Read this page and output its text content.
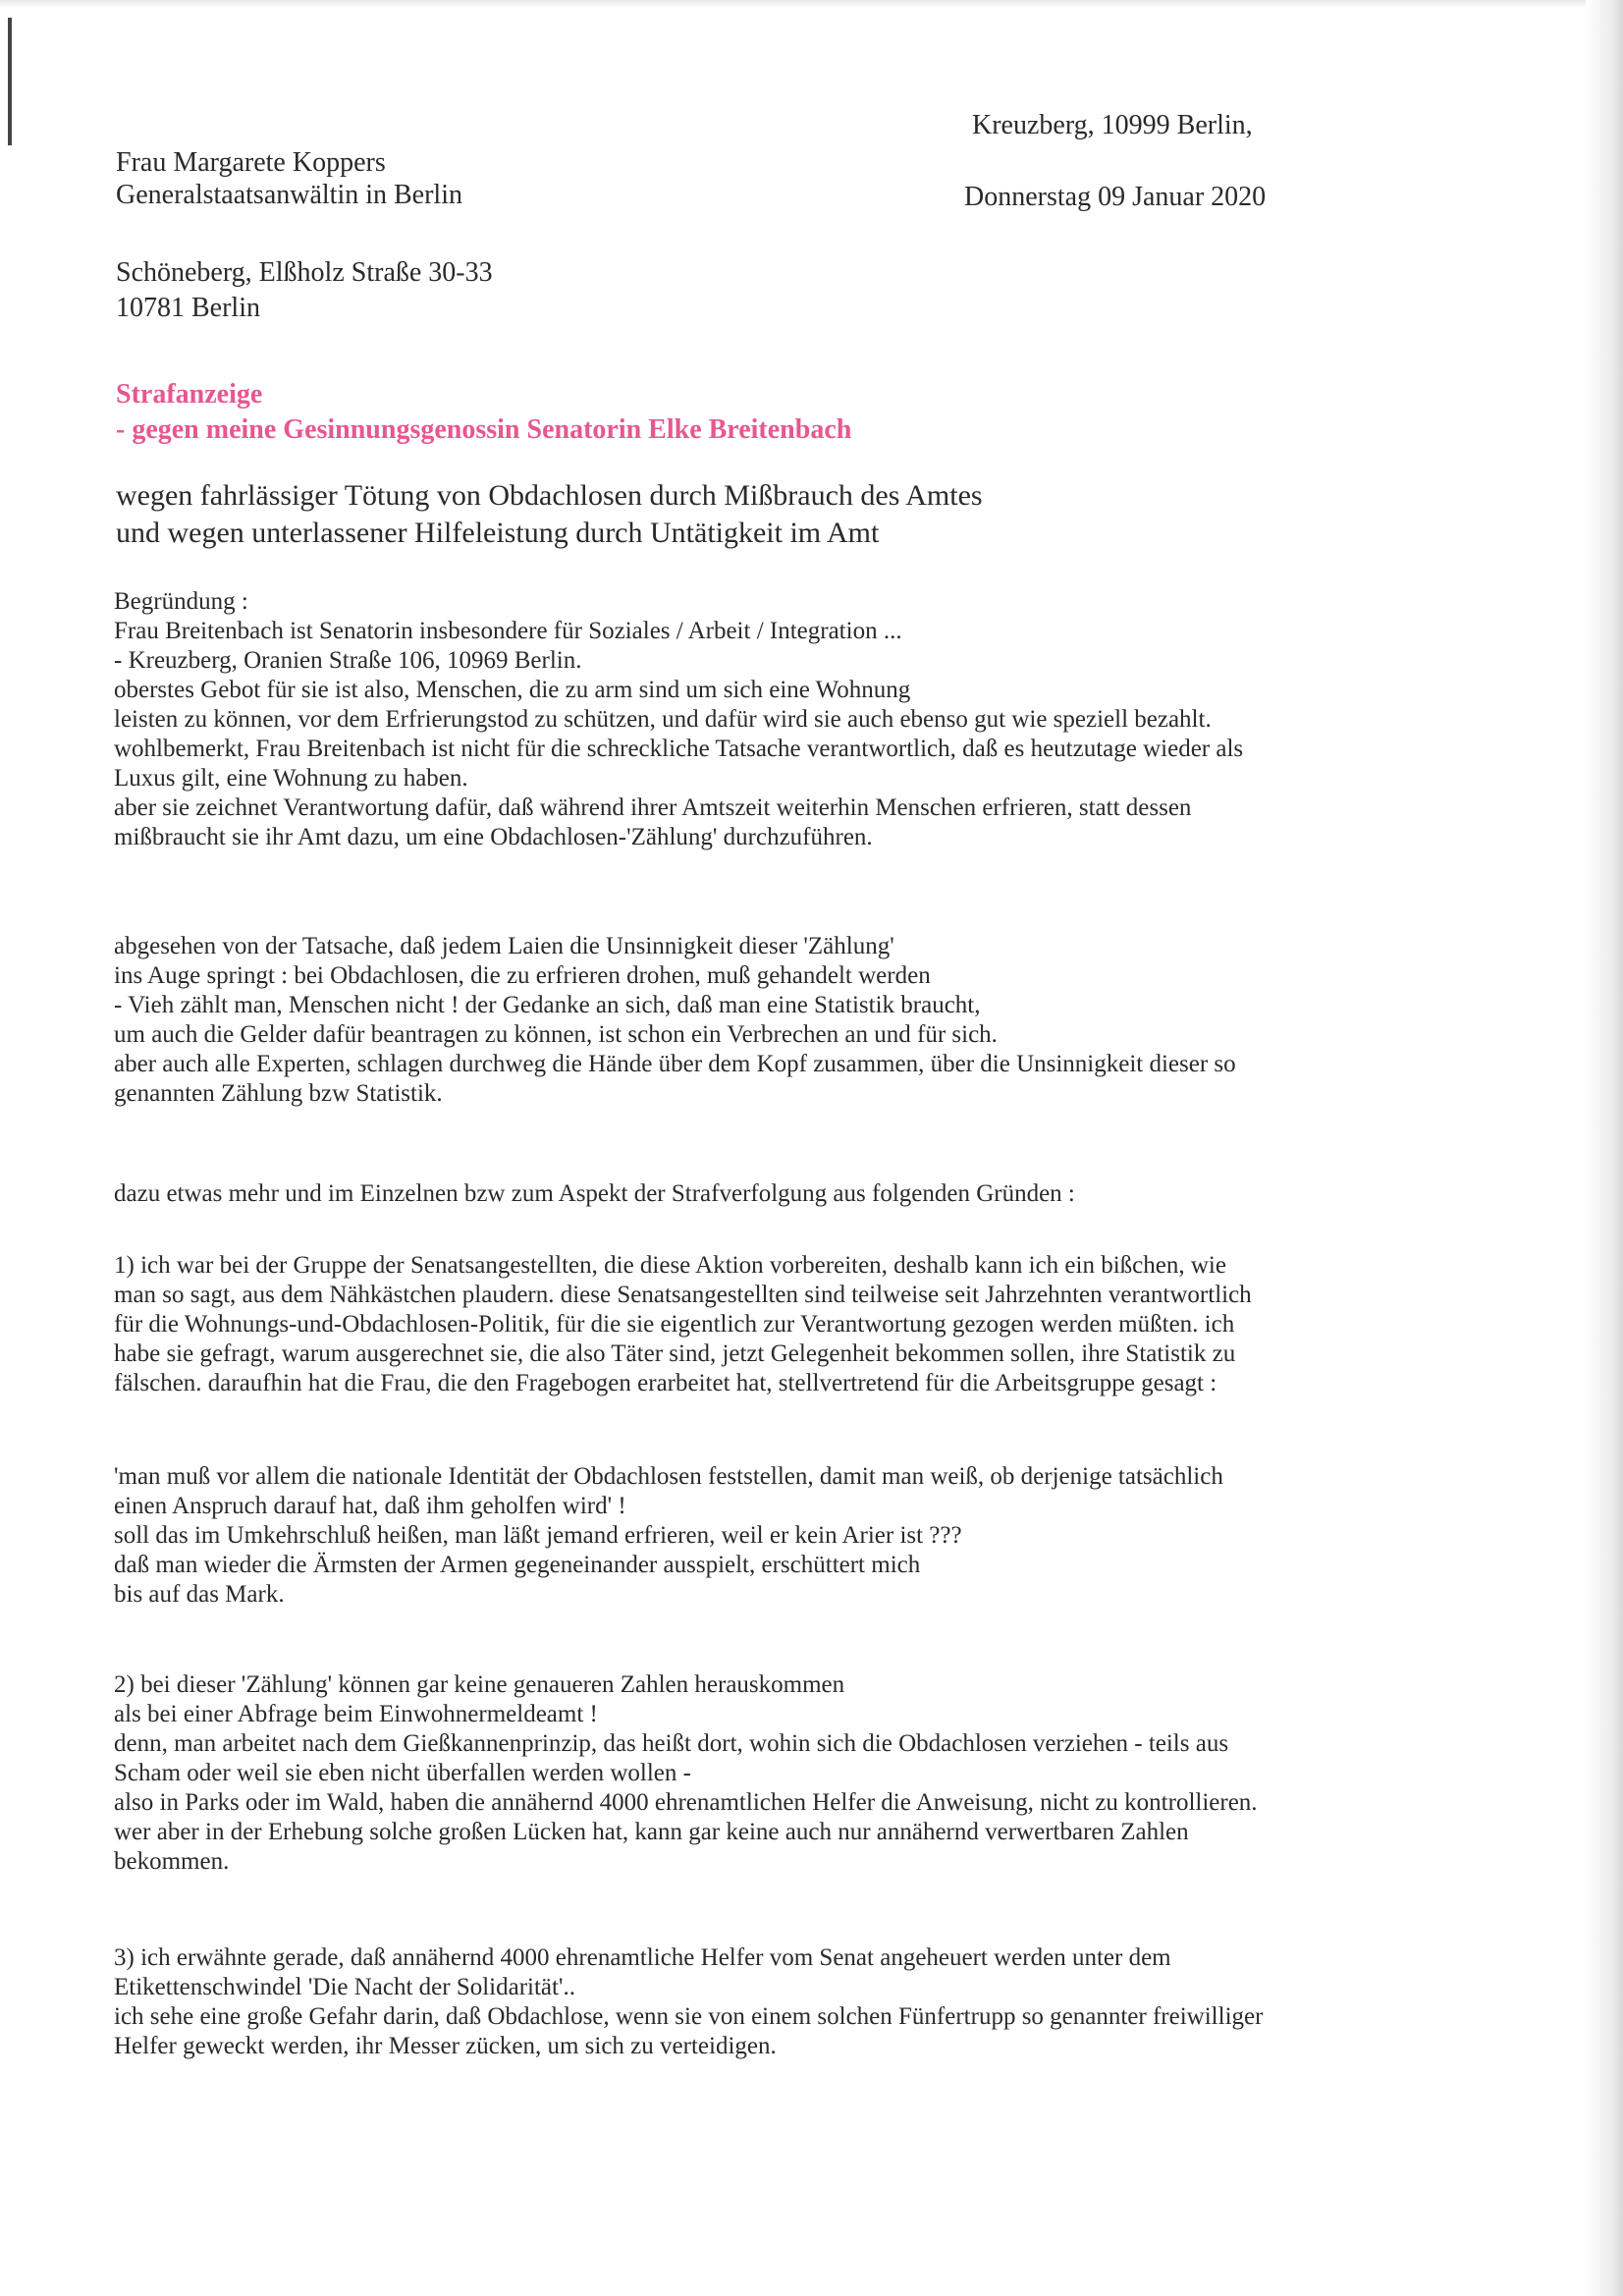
Kreuzberg, 10999 Berlin,
Donnerstag 09 Januar 2020
Frau Margarete Koppers
Generalstaatsanwältin in Berlin
Schöneberg, Elßholz Straße 30-33
10781 Berlin
Strafanzeige
- gegen meine Gesinnungsgenossin Senatorin Elke Breitenbach
wegen fahrlässiger Tötung von Obdachlosen durch Mißbrauch des Amtes
und wegen unterlassener Hilfeleistung durch Untätigkeit im Amt
Begründung :
Frau Breitenbach ist Senatorin insbesondere für Soziales / Arbeit / Integration ...
- Kreuzberg, Oranien Straße 106, 10969 Berlin.
oberstes Gebot für sie ist also, Menschen, die zu arm sind um sich eine Wohnung
leisten zu können, vor dem Erfrierungstod zu schützen, und dafür wird sie auch ebenso gut wie speziell bezahlt.
wohlbemerkt, Frau Breitenbach ist nicht für die schreckliche Tatsache verantwortlich, daß es heutzutage wieder als
Luxus gilt, eine Wohnung zu haben.
aber sie zeichnet Verantwortung dafür, daß während ihrer Amtszeit weiterhin Menschen erfrieren, statt dessen
mißbraucht sie ihr Amt dazu, um eine Obdachlosen-'Zählung' durchzuführen.
abgesehen von der Tatsache, daß jedem Laien die Unsinnigkeit dieser 'Zählung'
ins Auge springt : bei Obdachlosen, die zu erfrieren drohen, muß gehandelt werden
- Vieh zählt man, Menschen nicht ! der Gedanke an sich, daß man eine Statistik braucht,
um auch die Gelder dafür beantragen zu können, ist schon ein Verbrechen an und für sich.
aber auch alle Experten, schlagen durchweg die Hände über dem Kopf zusammen, über die Unsinnigkeit dieser so
genannten Zählung bzw Statistik.
dazu etwas mehr und im Einzelnen bzw zum Aspekt der Strafverfolgung aus folgenden Gründen :
1) ich war bei der Gruppe der Senatsangestellten, die diese Aktion vorbereiten, deshalb kann ich ein bißchen, wie
man so sagt, aus dem Nähkästchen plaudern. diese Senatsangestellten sind teilweise seit Jahrzehnten verantwortlich
für die Wohnungs-und-Obdachlosen-Politik, für die sie eigentlich zur Verantwortung gezogen werden müßten. ich
habe sie gefragt, warum ausgerechnet sie, die also Täter sind, jetzt Gelegenheit bekommen sollen, ihre Statistik zu
fälschen. daraufhin hat die Frau, die den Fragebogen erarbeitet hat, stellvertretend für die Arbeitsgruppe gesagt :
'man muß vor allem die nationale Identität der Obdachlosen feststellen, damit man weiß, ob derjenige tatsächlich
einen Anspruch darauf hat, daß ihm geholfen wird' !
soll das im Umkehrschluß heißen, man läßt jemand erfrieren, weil er kein Arier ist ???
daß man wieder die Ärmsten der Armen gegeneinander ausspielt, erschüttert mich
bis auf das Mark.
2) bei dieser 'Zählung' können gar keine genaueren Zahlen herauskommen
als bei einer Abfrage beim Einwohnermeldeamt !
denn, man arbeitet nach dem Gießkannenprinzip, das heißt dort, wohin sich die Obdachlosen verziehen - teils aus
Scham oder weil sie eben nicht überfallen werden wollen -
also in Parks oder im Wald, haben die annähernd 4000 ehrenamtlichen Helfer die Anweisung, nicht zu kontrollieren.
wer aber in der Erhebung solche großen Lücken hat, kann gar keine auch nur annähernd verwertbaren Zahlen
bekommen.
3) ich erwähnte gerade, daß annähernd 4000 ehrenamtliche Helfer vom Senat angeheuert werden unter dem
Etikettenschwindel 'Die Nacht der Solidarität'..
ich sehe eine große Gefahr darin, daß Obdachlose, wenn sie von einem solchen Fünfertrupp so genannter freiwilliger
Helfer geweckt werden, ihr Messer zücken, um sich zu verteidigen.
